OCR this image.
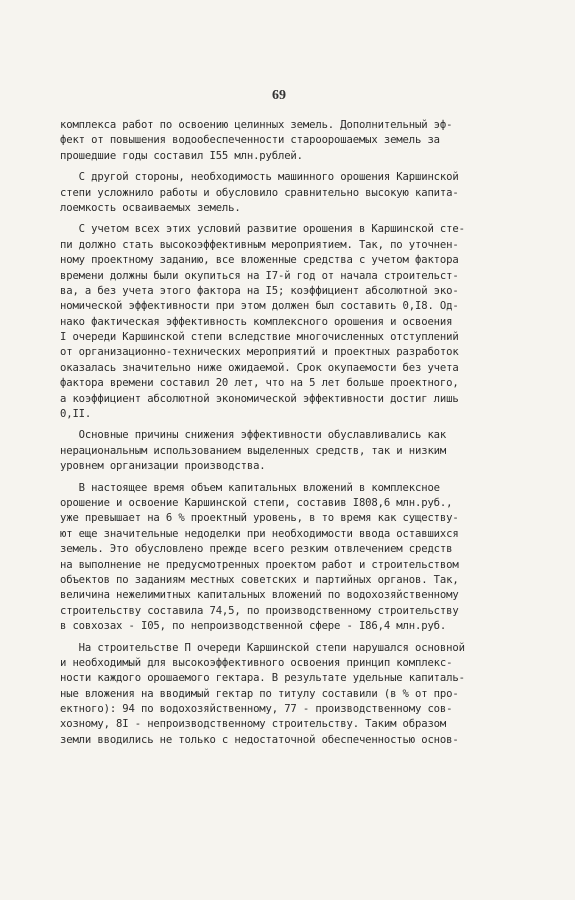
69
комплекса работ по освоению целинных земель. Дополнительный эф-
фект от повышения водообеспеченности староорошаемых земель за
прошедшие годы составил I55 млн.рублей.
С другой стороны, необходимость машинного орошения Каршинской
степи усложнило работы и обусловило сравнительно высокую капита-
лоемкость осваиваемых земель.
С учетом всех этих условий развитие орошения в Каршинской сте-
пи должно стать высокоэффективным мероприятием. Так, по уточнен-
ному проектному заданию, все вложенные средства с учетом фактора
времени должны были окупиться на I7-й год от начала строительст-
ва, а без учета этого фактора на I5; коэффициент абсолютной эко-
номической эффективности при этом должен был составить 0,I8. Од-
нако фактическая эффективность комплексного орошения и освоения
I очереди Каршинской степи вследствие многочисленных отступлений
от организационно-технических мероприятий и проектных разработок
оказалась значительно ниже ожидаемой. Срок окупаемости без учета
фактора времени составил 20 лет, что на 5 лет больше проектного,
а коэффициент абсолютной экономической эффективности достиг лишь
0,II.
Основные причины снижения эффективности обуславливались как
нерациональным использованием выделенных средств, так и низким
уровнем организации производства.
В настоящее время объем капитальных вложений в комплексное
орошение и освоение Каршинской степи, составив I808,6 млн.руб.,
уже превышает на 6 % проектный уровень, в то время как существу-
ют еще значительные недоделки при необходимости ввода оставшихся
земель. Это обусловлено прежде всего резким отвлечением средств
на выполнение не предусмотренных проектом работ и строительством
объектов по заданиям местных советских и партийных органов. Так,
величина нежелимитных капитальных вложений по водохозяйственному
строительству составила 74,5, по производственному строительству
в совхозах - I05, по непроизводственной сфере - I86,4 млн.руб.
На строительстве П очереди Каршинской степи нарушался основной
и необходимый для высокоэффективного освоения принцип комплекс-
ности каждого орошаемого гектара. В результате удельные капиталь-
ные вложения на вводимый гектар по титулу составили (в % от про-
ектного): 94 по водохозяйственному, 77 - производственному сов-
хозному, 8I - непроизводственному строительству. Таким образом
земли вводились не только с недостаточной обеспеченностью основ-
